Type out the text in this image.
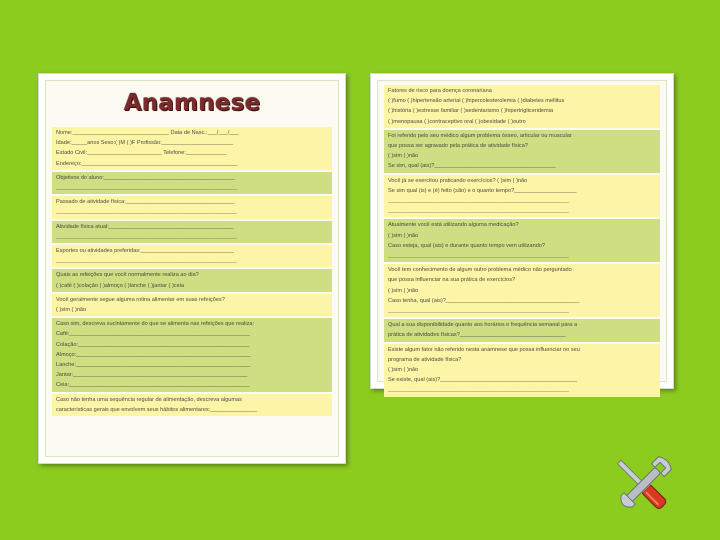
Anamnese
Nome:_______________________________ Data de Nasc.:___/___/___
Idade:_____anos Sexo:( )M ( )F Profissão:_______________________
Estado Civil:________________________ Telefone:_____________
Endereço:__________________________________________________
Objetivos do aluno:__________________________________________
______________________________________________________________
Passado de atividade física:___________________________________
______________________________________________________________
Atividade física atual:________________________________________
______________________________________________________________
Esportes ou atividades preferidas:______________________________
______________________________________________________________
Quais as refeições que você normalmente realiza ao dia?
( )café ( )colação ( )almoço ( )lanche ( )jantar ( )ceia
Você geralmente segue alguma rotina alimentar em suas refeições?
( )sim ( )não
Caso sim, descreva sucintamente do que se alimenta nas refeições que realiza:
Café:__________________________________________________________
Colação:_______________________________________________________
Almoço:________________________________________________________
Lanche:________________________________________________________
Jantar:________________________________________________________
Ceia:__________________________________________________________
Caso não tenha uma sequência regular de alimentação, descreva algumas
características gerais que envolvem seus hábitos alimentares:_______________
Fatores de risco para doença coronariana
( )fumo ( )hipertensão arterial ( )hipercolesterolemia ( )diabetes mellitus
( )história ( )estresse familiar ( )sedentarismo ( )hipertrigliceridemia
( )menopausa ( )contraceptivo oral ( )obesidade ( )outro
Foi referido pelo seu médico algum problema ósseo, articular ou muscular
que possa ser agravado pela prática de atividade física?
( )sim ( )não
Se sim, qual (ais)?_______________________________________
Você já se exercitou praticando exercícios? ( )sim ( )não
Se sim qual (is) e (é) feito (são) e o quanto tempo?____________________
______________________________________________________________
______________________________________________________________
Atualmente você está utilizando alguma medicação?
( )sim ( )não
Caso esteja, qual (ais) e durante quanto tempo vem utilizando?
______________________________________________________________
Você tem conhecimento de algum outro problema médico não perguntado
que possa influenciar na sua prática de exercícios?
( )sim ( )não
Caso tenha, qual (ais)?___________________________________________
______________________________________________________________
Qual a sua disponibilidade quanto aos horários e frequência semanal para a
prática de atividades físicas?__________________________________
Existe algum fator não referido nesta anamnese que possa influenciar no seu
programa de atividade física?
( )sim ( )não
Se existe, qual (ais)?____________________________________________
______________________________________________________________
